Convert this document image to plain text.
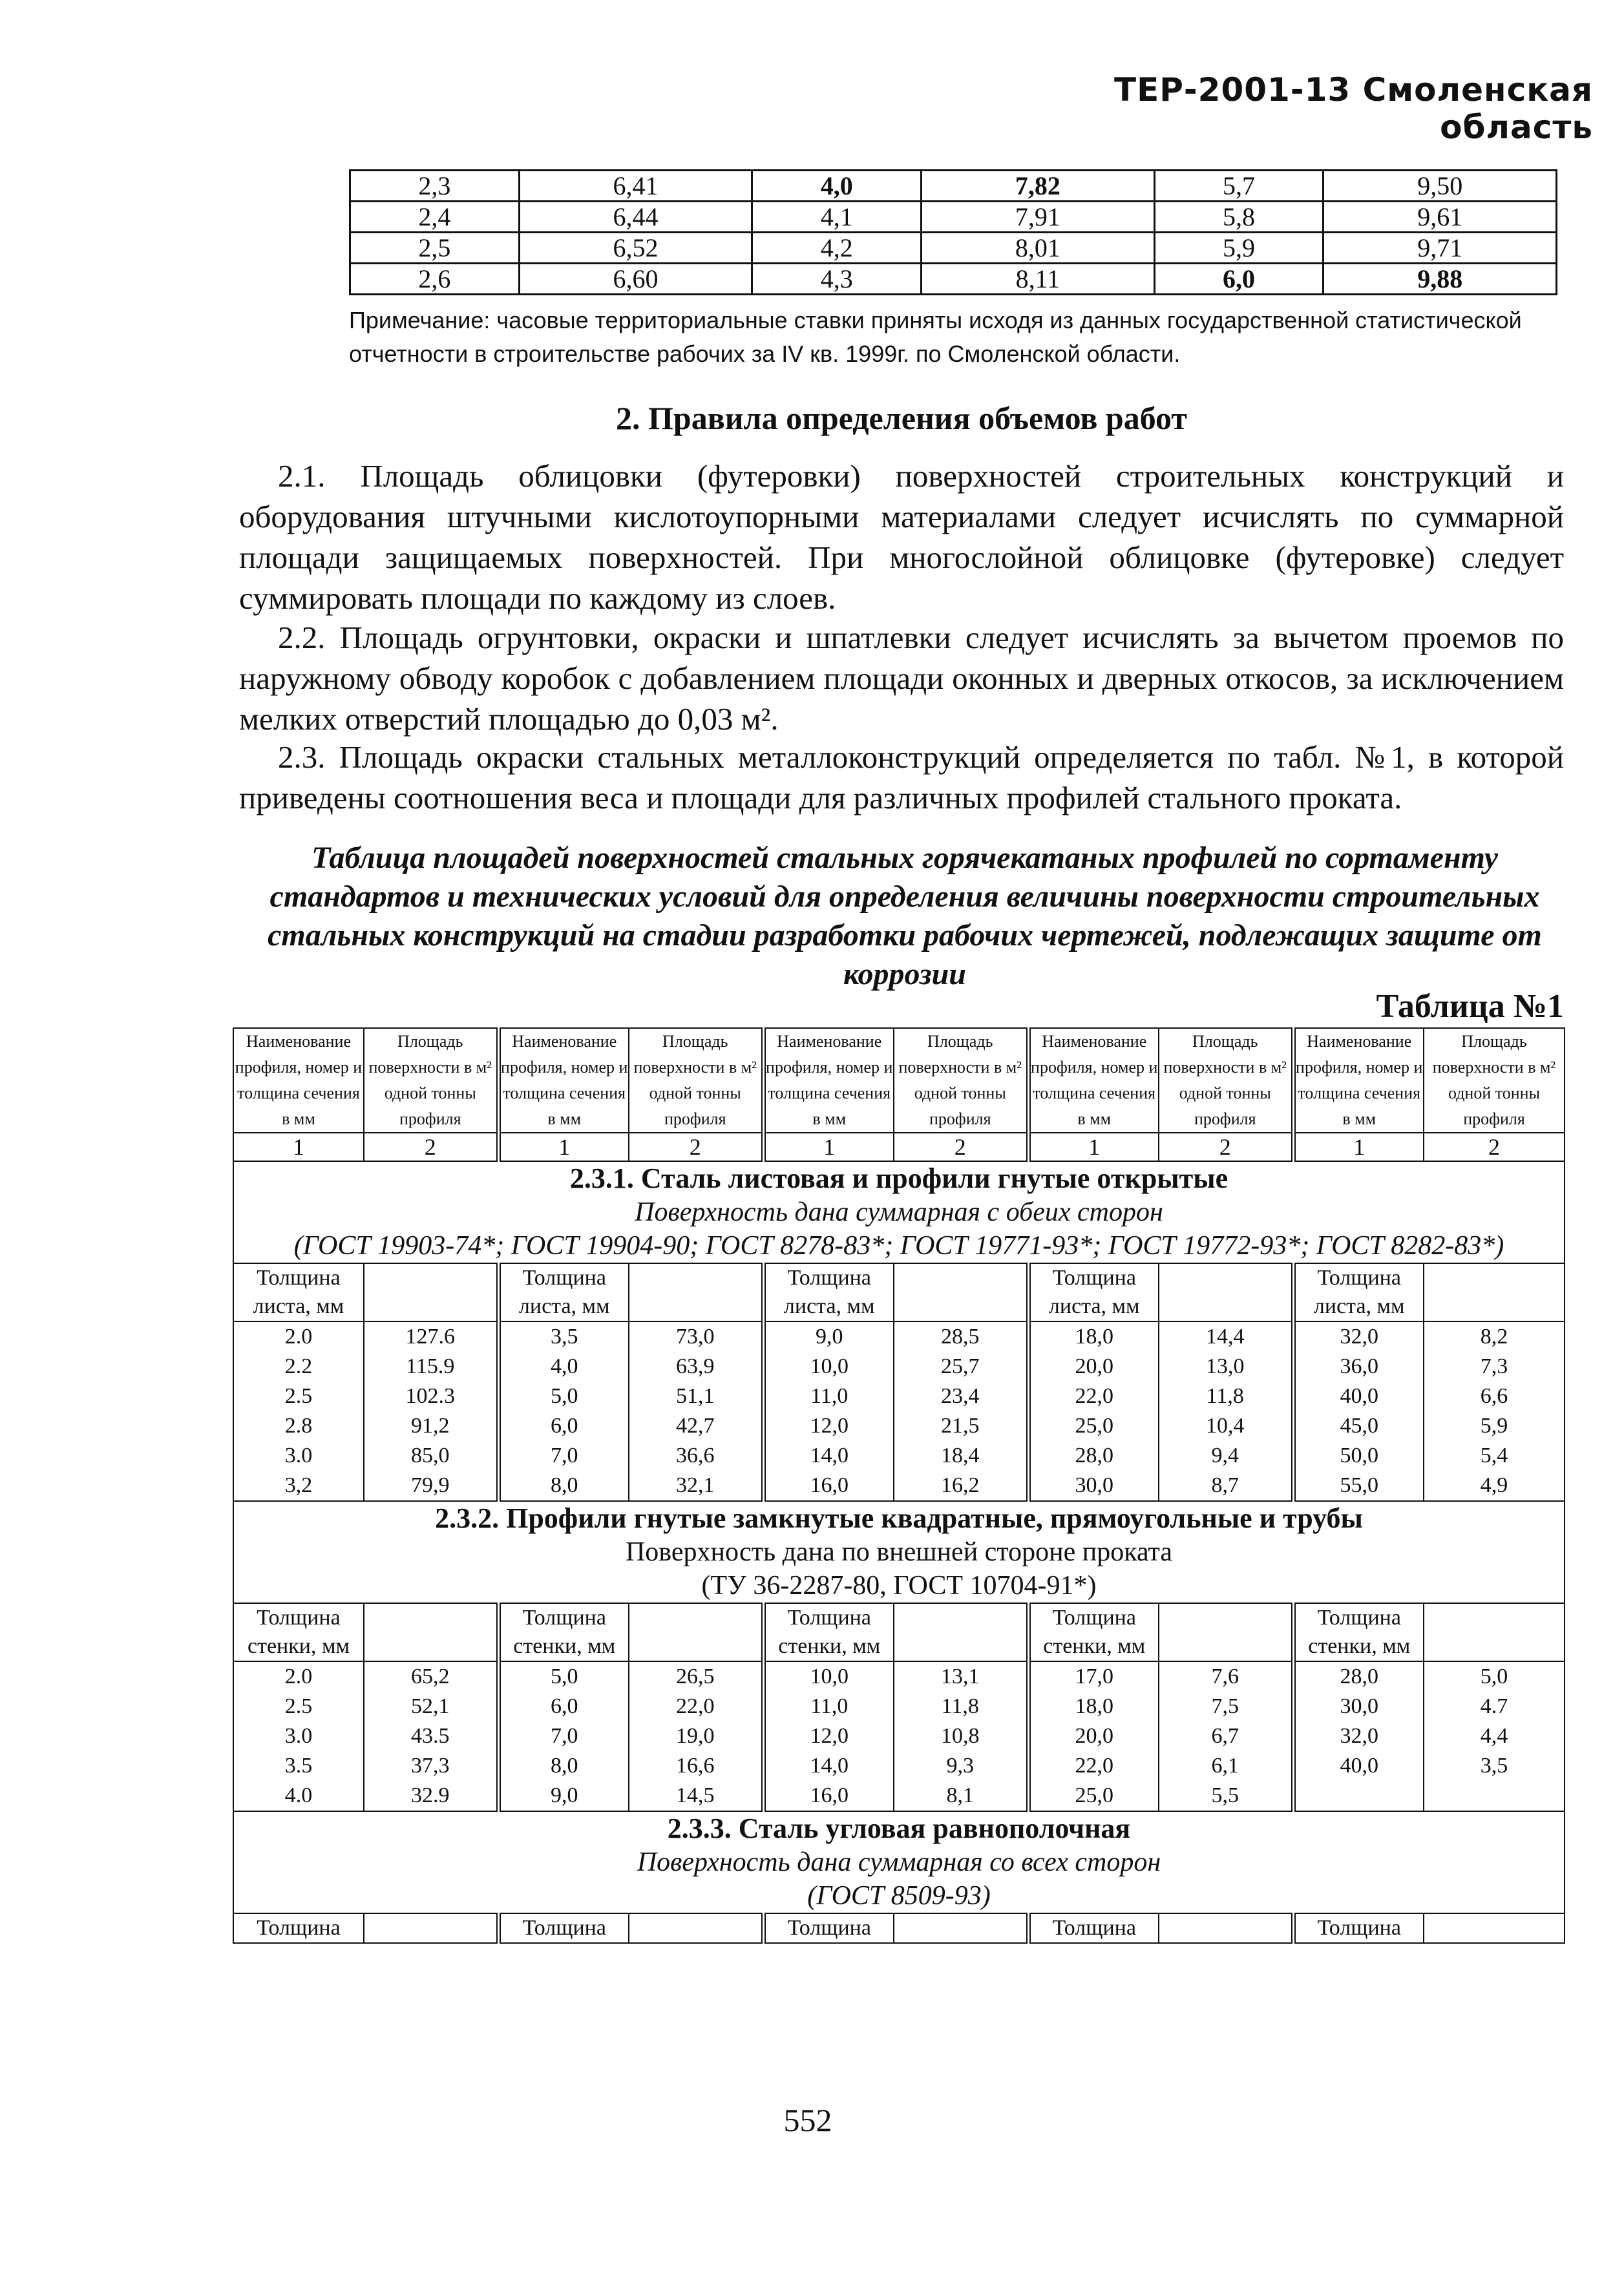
ТЕР-2001-13 Смоленская область
2,3	6,41	4,0	7,82	5,7	9,50
2,4	6,44	4,1	7,91	5,8	9,61
2,5	6,52	4,2	8,01	5,9	9,71
2,6	6,60	4,3	8,11	6,0	9,88
Примечание: часовые территориальные ставки приняты исходя из данных государственной статистической отчетности в строительстве рабочих за IV кв. 1999г. по Смоленской области.
2. Правила определения объемов работ
2.1. Площадь облицовки (футеровки) поверхностей строительных конструкций и оборудования штучными кислотоупорными материалами следует исчислять по суммарной площади защищаемых поверхностей. При многослойной облицовке (футеровке) следует суммировать площади по каждому из слоев.
2.2. Площадь огрунтовки, окраски и шпатлевки следует исчислять за вычетом проемов по наружному обводу коробок с добавлением площади оконных и дверных откосов, за исключением мелких отверстий площадью до 0,03 м².
2.3. Площадь окраски стальных металлоконструкций определяется по табл. №1, в которой приведены соотношения веса и площади для различных профилей стального проката.
Таблица площадей поверхностей стальных горячекатаных профилей по сортаменту стандартов и технических условий для определения величины поверхности строительных стальных конструкций на стадии разработки рабочих чертежей, подлежащих защите от коррозии
Таблица №1
Наименование профиля, номер и толщина сечения в мм	Площадь поверхности в м² одной тонны профиля	Наименование профиля, номер и толщина сечения в мм	Площадь поверхности в м² одной тонны профиля	Наименование профиля, номер и толщина сечения в мм	Площадь поверхности в м² одной тонны профиля	Наименование профиля, номер и толщина сечения в мм	Площадь поверхности в м² одной тонны профиля	Наименование профиля, номер и толщина сечения в мм	Площадь поверхности в м² одной тонны профиля
1	2	1	2	1	2	1	2	1	2

2.3.1. Сталь листовая и профили гнутые открытые
Поверхность дана суммарная с обеих сторон
(ГОСТ 19903-74*; ГОСТ 19904-90; ГОСТ 8278-83*; ГОСТ 19771-93*; ГОСТ 19772-93*; ГОСТ 8282-83*)									

Толщина листа, мм		Толщина листа, мм		Толщина листа, мм		Толщина листа, мм		Толщина листа, мм	
2.0	127.6	3,5	73,0	9,0	28,5	18,0	14,4	32,0	8,2
2.2	115.9	4,0	63,9	10,0	25,7	20,0	13,0	36,0	7,3
2.5	102.3	5,0	51,1	11,0	23,4	22,0	11,8	40,0	6,6
2.8	91,2	6,0	42,7	12,0	21,5	25,0	10,4	45,0	5,9
3.0	85,0	7,0	36,6	14,0	18,4	28,0	9,4	50,0	5,4
3,2	79,9	8,0	32,1	16,0	16,2	30,0	8,7	55,0	4,9

2.3.2. Профили гнутые замкнутые квадратные, прямоугольные и трубы
Поверхность дана по внешней стороне проката
(ТУ 36-2287-80, ГОСТ 10704-91*)									

Толщина стенки, мм		Толщина стенки, мм		Толщина стенки, мм		Толщина стенки, мм		Толщина стенки, мм	
2.0	65,2	5,0	26,5	10,0	13,1	17,0	7,6	28,0	5,0
2.5	52,1	6,0	22,0	11,0	11,8	18,0	7,5	30,0	4.7
3.0	43.5	7,0	19,0	12,0	10,8	20,0	6,7	32,0	4,4
3.5	37,3	8,0	16,6	14,0	9,3	22,0	6,1	40,0	3,5
4.0	32.9	9,0	14,5	16,0	8,1	25,0	5,5		

2.3.3. Сталь угловая равнополочная
Поверхность дана суммарная со всех сторон
(ГОСТ 8509-93)									

Толщина		Толщина		Толщина		Толщина		Толщина	
552
